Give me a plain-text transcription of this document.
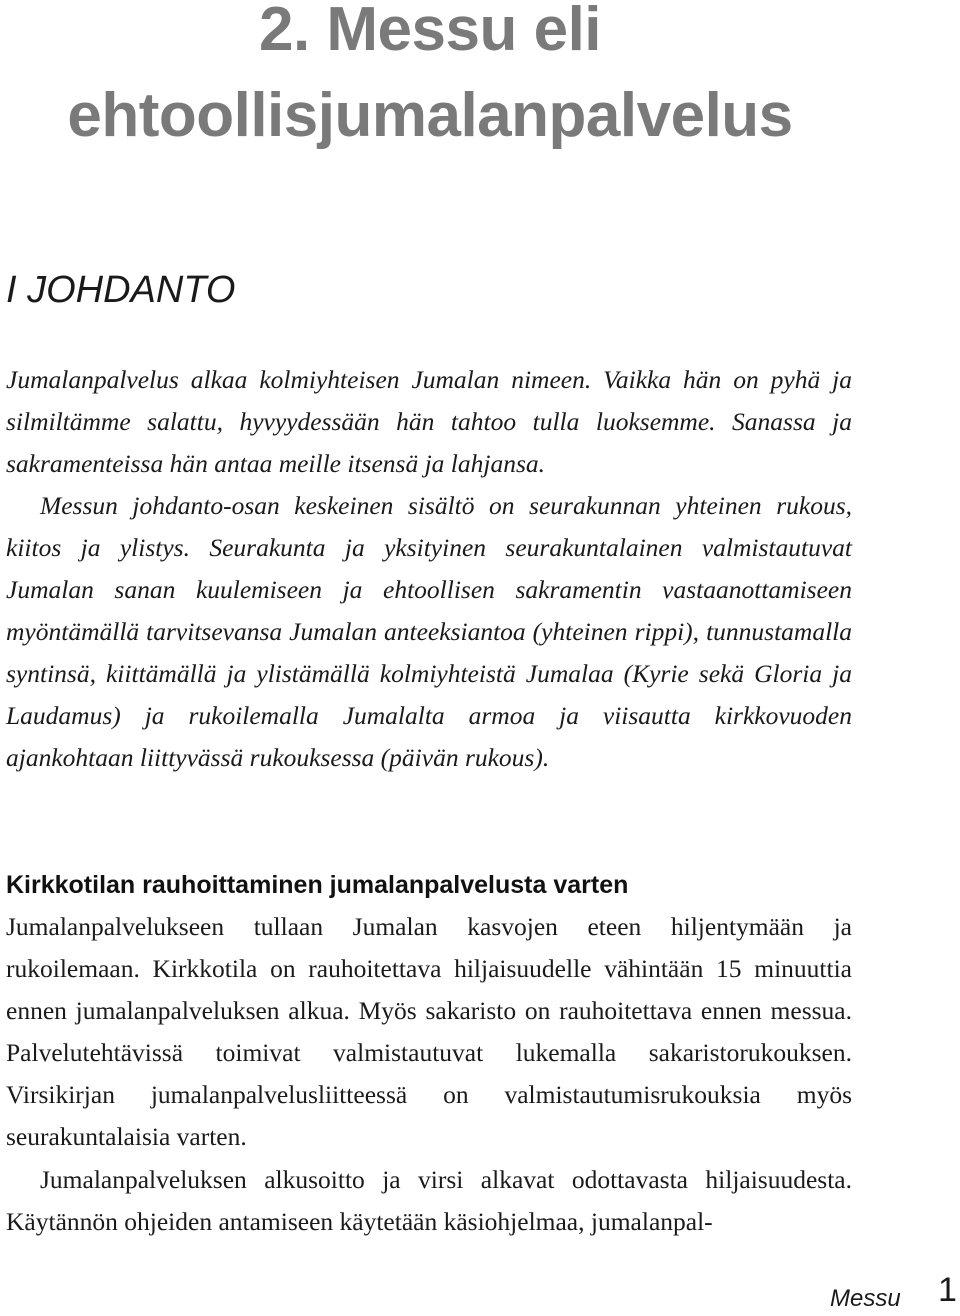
2. Messu eli
ehtoollisjumalanpalvelus
I JOHDANTO

Jumalanpalvelus alkaa kolmiyhteisen Jumalan nimeen. Vaikka hän on pyhä ja silmiltämme salattu, hyvyydessään hän tahtoo tulla luoksemme. Sanassa ja sakramenteissa hän antaa meille itsensä ja lahjansa.

Messun johdanto-osan keskeinen sisältö on seurakunnan yhteinen rukous, kiitos ja ylistys. Seurakunta ja yksityinen seurakuntalainen valmistautuvat Jumalan sanan kuulemiseen ja ehtoollisen sakramentin vastaanottamiseen myöntämällä tarvitsevansa Jumalan anteeksiantoa (yhteinen rippi), tunnustamalla syntinsä, kiittämällä ja ylistämällä kolmiyhteistä Jumalaa (Kyrie sekä Gloria ja Laudamus) ja rukoilemalla Jumalalta armoa ja viisautta kirkkovuoden ajankohtaan liittyvässä rukouksessa (päivän rukous).

Kirkkotilan rauhoittaminen jumalanpalvelusta varten

Jumalanpalvelukseen tullaan Jumalan kasvojen eteen hiljentymään ja rukoilemaan. Kirkkotila on rauhoitettava hiljaisuudelle vähintään 15 minuuttia ennen jumalanpalveluksen alkua. Myös sakaristo on rauhoitettava ennen messua. Palvelutehtävissä toimivat valmistautuvat lukemalla sakaristorukouksen. Virsikirjan jumalanpalvelusliitteessä on valmistautumisrukouksia myös seurakuntalaisia varten.

Jumalanpalveluksen alkusoitto ja virsi alkavat odottavasta hiljaisuudesta. Käytännön ohjeiden antamiseen käytetään käsiohjelmaa, jumalanpal-

Messu 1
